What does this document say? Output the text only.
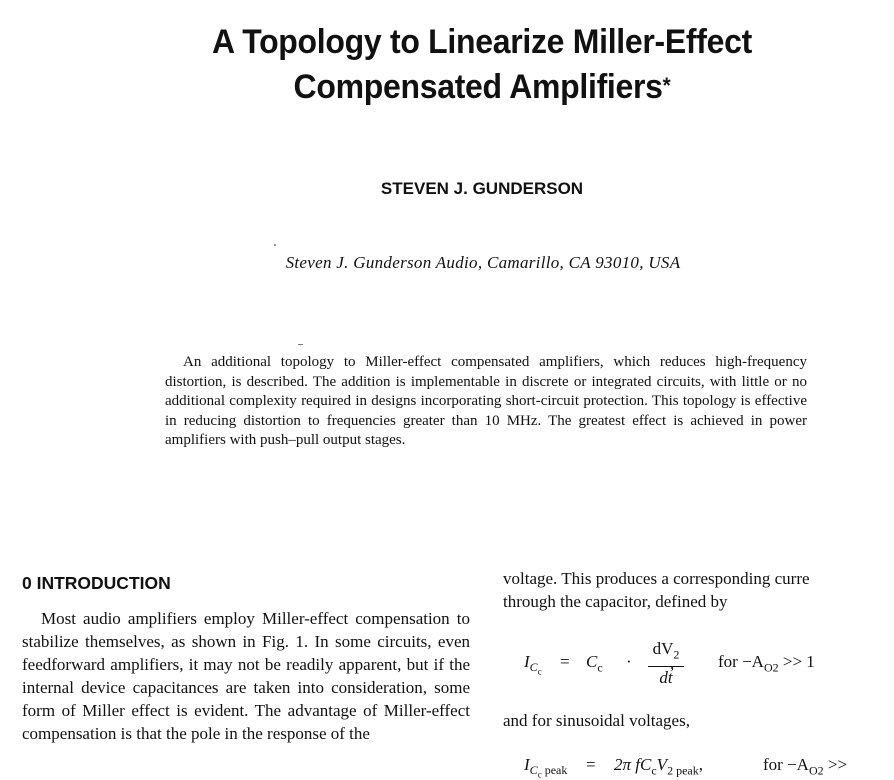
A Topology to Linearize Miller-Effect
Compensated Amplifiers*
STEVEN J. GUNDERSON
Steven J. Gunderson Audio, Camarillo, CA 93010, USA
An additional topology to Miller-effect compensated amplifiers, which reduces high-frequency distortion, is described. The addition is implementable in discrete or integrated circuits, with little or no additional complexity required in designs incorporating short-circuit protection. This topology is effective in reducing distortion to frequencies greater than 10 MHz. The greatest effect is achieved in power amplifiers with push–pull output stages.
0 INTRODUCTION
Most audio amplifiers employ Miller-effect compensation to stabilize themselves, as shown in Fig. 1. In some circuits, even feedforward amplifiers, it may not be readily apparent, but if the internal device capacitances are taken into consideration, some form of Miller effect is evident. The advantage of Miller-effect compensation is that the pole in the response of the

voltage. This produces a corresponding curre

through the capacitor, defined by

$I_{C_c}$
= $C_c \cdot \frac{dV_2}{dt}$
,	for $-A_{O2} >> 1$
and for sinusoidal voltages,
$I_{C_c peak} = 2\pi$ $fC_cV_{2 peak}$,	for $-A_{O2}$ >>
